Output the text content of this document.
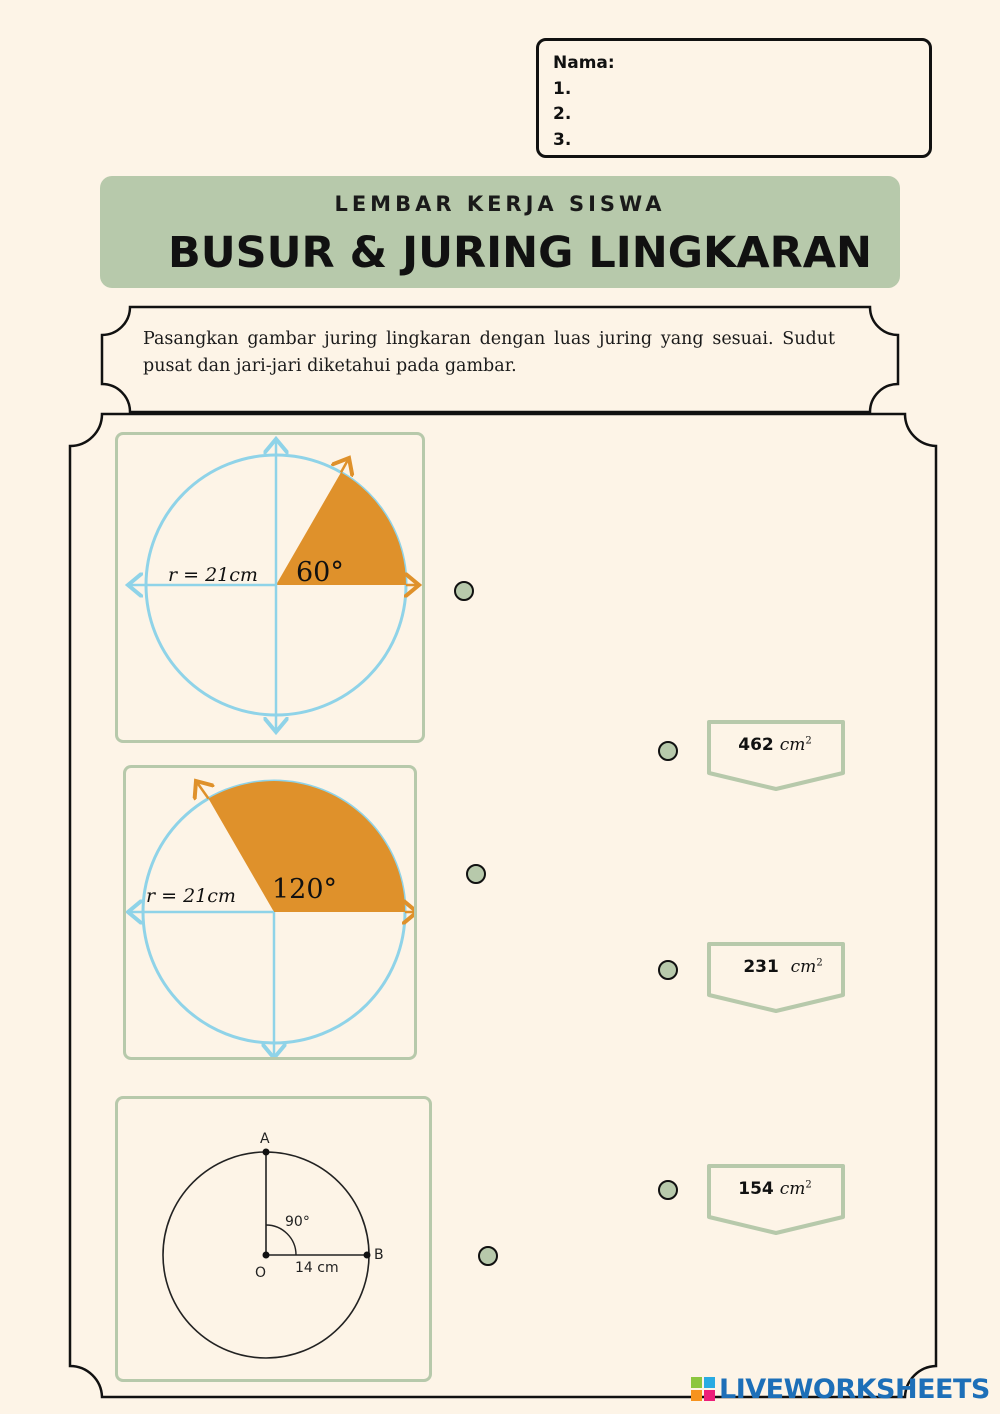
Nama:
1.
2.
3.
LEMBAR KERJA SISWA
BUSUR & JURING LINGKARAN
Pasangkan gambar juring lingkaran dengan luas juring yang sesuai. Sudut pusat dan jari-jari diketahui pada gambar.
r = 21cm 60°
r = 21cm 120°
A
B
O
90°
14 cm
462 $cm^2$
231 $cm^2$
154 $cm^2$
LIVEWORKSHEETS
